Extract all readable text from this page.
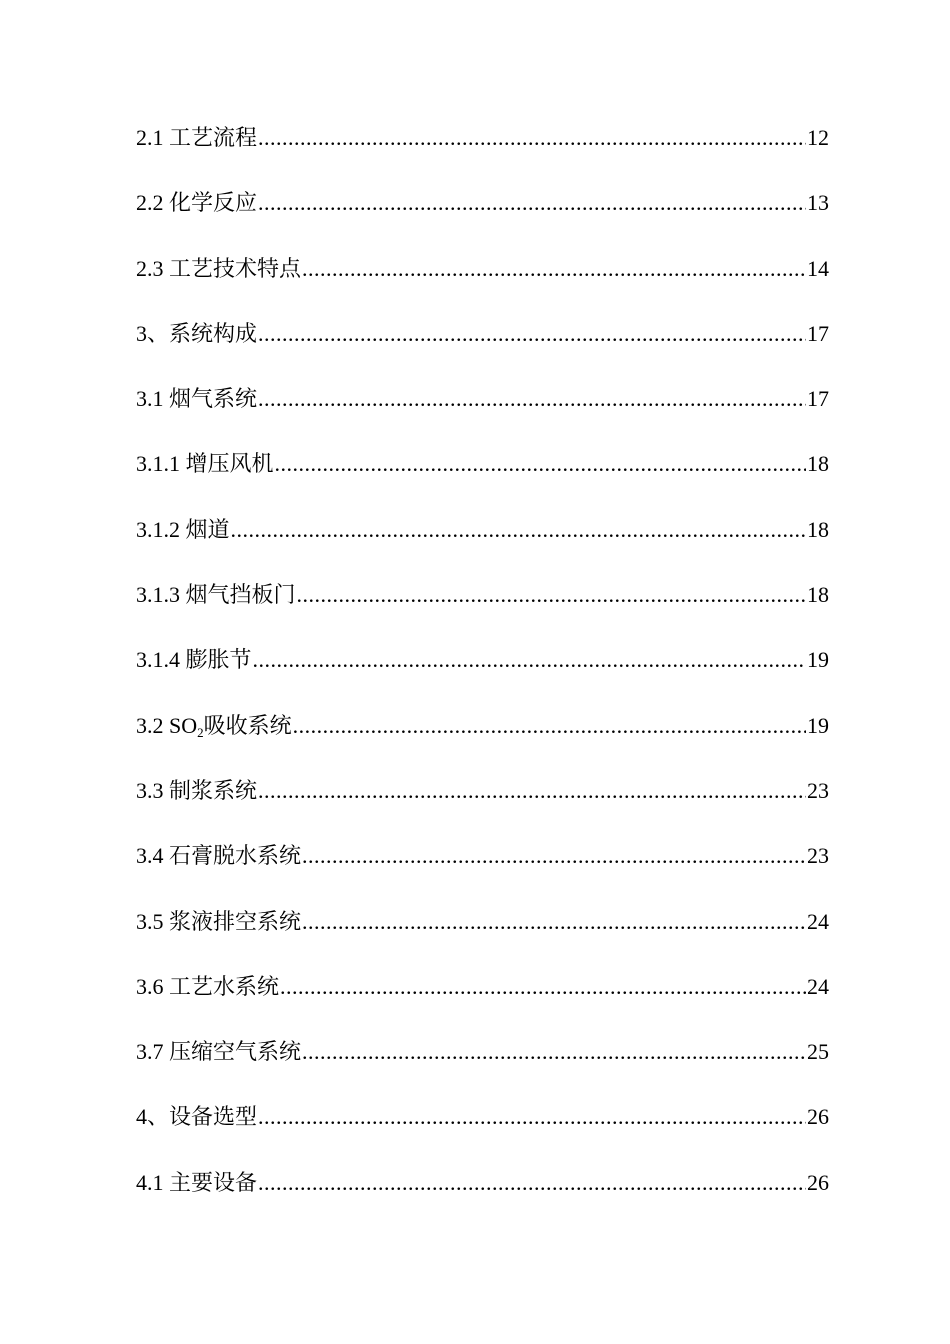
2.1 工艺流程 .....	12
2.2 化学反应 .....	13
2.3 工艺技术特点 .....	14
3、系统构成 .....	17
3.1 烟气系统 .....	17
3.1.1 增压风机 .....	18
3.1.2 烟道 .....	18
3.1.3 烟气挡板门 .....	18
3.1.4 膨胀节 .....	19
3.2 $SO_2$吸收系统 .....	19
3.3 制浆系统 .....	23
3.4 石膏脱水系统 .....	23
3.5 浆液排空系统 .....	24
3.6 工艺水系统 .....	24
3.7 压缩空气系统 .....	25
4、设备选型 .....	26
4.1 主要设备 .....	26
